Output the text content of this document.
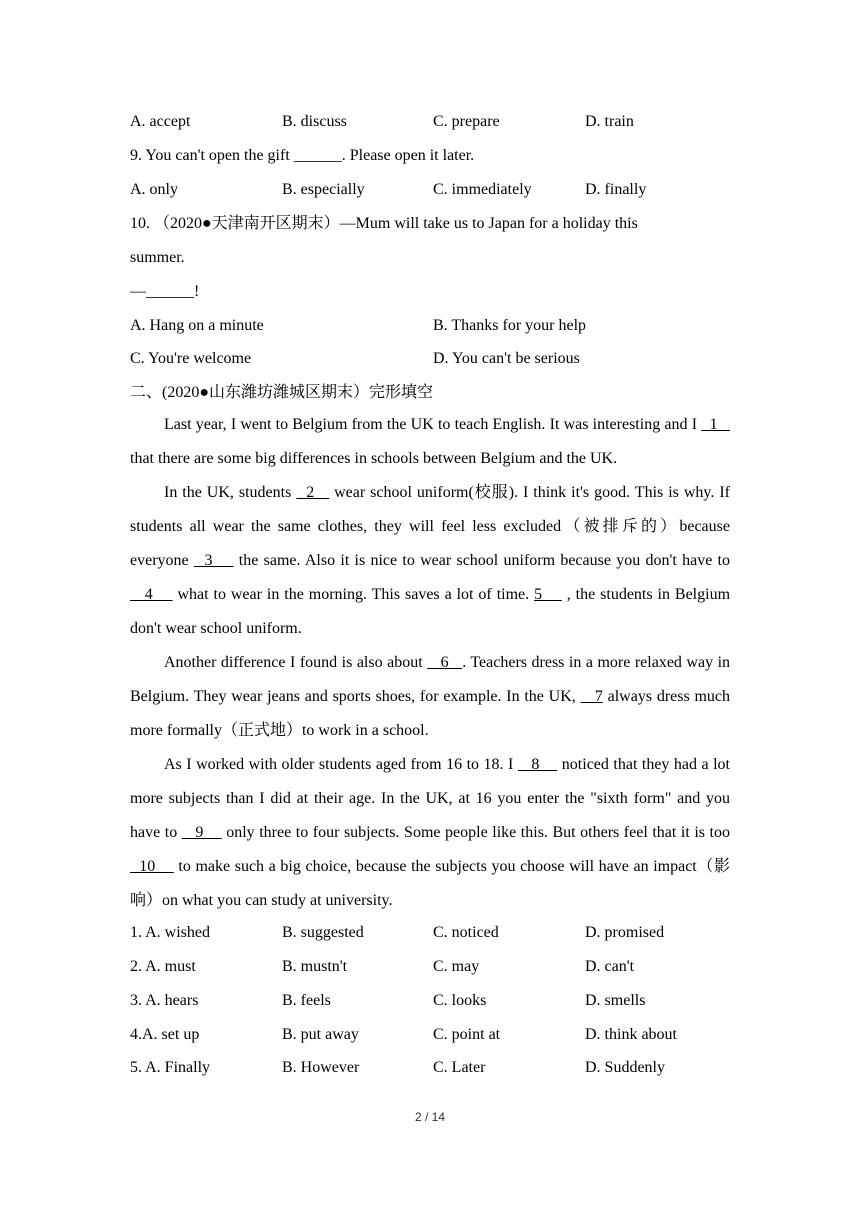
A. accept	B. discuss	C. prepare	D. train
9. You can't open the gift ______. Please open it later.
A. only	B. especially	C. immediately	D. finally
10. （2020●天津南开区期末）—Mum will take us to Japan for a holiday this
summer.
—______!
A. Hang on a minute	B. Thanks for your help
C. You're welcome	D. You can't be serious
二、(2020●山东潍坊潍城区期末）完形填空

Last year, I went to Belgium from the UK to teach English. It was interesting and I   1    that there are some big differences in schools between Belgium and the UK.

In the UK, students   2    wear school uniform(校服). I think it's good. This is why. If students all wear the same clothes, they will feel less excluded（被排斥的）because everyone   3     the same. Also it is nice to wear school uniform because you don't have to    4     what to wear in the morning. This saves a lot of time. 5     , the students in Belgium don't wear school uniform.

Another difference I found is also about    6   . Teachers dress in a more relaxed way in Belgium. They wear jeans and sports shoes, for example. In the UK,    7 always dress much more formally（正式地）to work in a school.

As I worked with older students aged from 16 to 18. I    8     noticed that they had a lot more subjects than I did at their age. In the UK, at 16 you enter the "sixth form" and you have to    9     only three to four subjects. Some people like this. But others feel that it is too   10     to make such a big choice, because the subjects you choose will have an impact（影响）on what you can study at university.

1. A. wished	B. suggested	C. noticed	D. promised
2. A. must	B. mustn't	C. may	D. can't
3. A. hears	B. feels	C. looks	D. smells
4.A. set up	B. put away	C. point at	D. think about
5. A. Finally	B. However	C. Later	D. Suddenly
2 / 14
